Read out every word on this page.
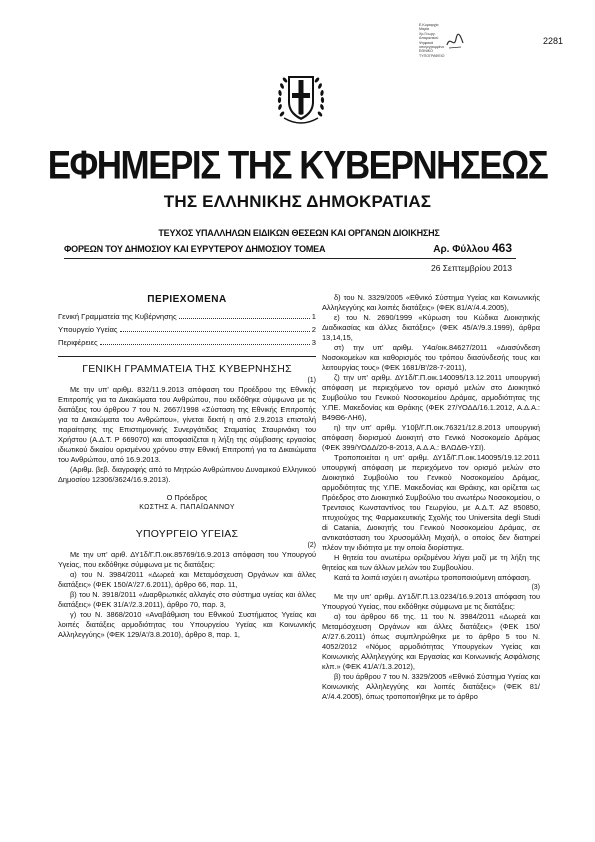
Ε.Κυριαρχία
Μαρία
Χρ.Γεωργ.
Απαμανικού
Ψηφιακά
υπογεγραμμένο
ΕΘΝΙΚΟ
ΤΥΠΟΓΡΑΦΕΙΟ
2281
ΕΦΗΜΕΡΙΣ ΤΗΣ ΚΥΒΕΡΝΗΣΕΩΣ
ΤΗΣ ΕΛΛΗΝΙΚΗΣ ΔΗΜΟΚΡΑΤΙΑΣ
ΤΕΥΧΟΣ ΥΠΑΛΛΗΛΩΝ ΕΙΔΙΚΩΝ ΘΕΣΕΩΝ ΚΑΙ ΟΡΓΑΝΩΝ ΔΙΟΙΚΗΣΗΣ
ΦΟΡΕΩΝ ΤΟΥ ΔΗΜΟΣΙΟΥ ΚΑΙ ΕΥΡΥΤΕΡΟΥ ΔΗΜΟΣΙΟΥ ΤΟΜΕΑ	Αρ. Φύλλου 463
26 Σεπτεμβρίου 2013
ΠΕΡΙΕΧΟΜΕΝΑ
Γενική Γραμματεία της Κυβέρνησης	1
Υπουργείο Υγείας	2
Περιφέρειες	3
ΓΕΝΙΚΗ ΓΡΑΜΜΑΤΕΙΑ ΤΗΣ ΚΥΒΕΡΝΗΣΗΣ
(1)

Με την υπ' αριθμ. 832/11.9.2013 απόφαση του Προέδρου της Εθνικής Επιτροπής για τα Δικαιώματα του Ανθρώπου, που εκδόθηκε σύμφωνα με τις διατάξεις του άρθρου 7 του Ν. 2667/1998 «Σύσταση της Εθνικής Επιτροπής για τα Δικαιώματα του Ανθρώπου», γίνεται δεκτή η από 2.9.2013 επιστολή παραίτησης της Επιστημονικής Συνεργάτιδας Σταματίας Σταυρινάκη του Χρήστου (Α.Δ.Τ. Ρ 669070) και αποφασίζεται η λήξη της σύμβασης εργασίας ιδιωτικού δικαίου ορισμένου χρόνου στην Εθνική Επιτροπή για τα Δικαιώματα του Ανθρώπου, από 16.9.2013.

(Αριθμ. βεβ. διαγραφής από το Μητρώο Ανθρώπινου Δυναμικού Ελληνικού Δημοσίου 12306/3624/16.9.2013).

Ο Πρόεδρος
ΚΩΣΤΗΣ Α. ΠΑΠΑΪΩΑΝΝΟΥ
ΥΠΟΥΡΓΕΙΟ ΥΓΕΙΑΣ
(2)

Με την υπ' αριθ. ΔΥ1δ/Γ.Π.οικ.85769/16.9.2013 απόφαση του Υπουργού Υγείας, που εκδόθηκε σύμφωνα με τις διατάξεις:

α) του Ν. 3984/2011 «Δωρεά και Μεταμόσχευση Οργάνων και άλλες διατάξεις» (ΦΕΚ 150/Α'/27.6.2011), άρθρο 66, παρ. 11,

β) του Ν. 3918/2011 «Διαρθρωτικές αλλαγές στο σύστημα υγείας και άλλες διατάξεις» (ΦΕΚ 31/Α'/2.3.2011), άρθρο 70, παρ. 3,

γ) του Ν. 3868/2010 «Αναβάθμιση του Εθνικού Συστήματος Υγείας και λοιπές διατάξεις αρμοδιότητας του Υπουργείου Υγείας και Κοινωνικής Αλληλεγγύης» (ΦΕΚ 129/Α'/3.8.2010), άρθρο 8, παρ. 1,

δ) του Ν. 3329/2005 «Εθνικό Σύστημα Υγείας και Κοινωνικής Αλληλεγγύης και λοιπές διατάξεις» (ΦΕΚ 81/Α'/4.4.2005),

ε) του Ν. 2690/1999 «Κύρωση του Κώδικα Διοικητικής Διαδικασίας και άλλες διατάξεις» (ΦΕΚ 45/Α'/9.3.1999), άρθρα 13,14,15,

στ) την υπ' αριθμ. Υ4α/οικ.84627/2011 «Διασύνδεση Νοσοκομείων και καθορισμός του τρόπου διασύνδεσής τους και λειτουργίας τους» (ΦΕΚ 1681/Β'/28-7-2011),

ζ) την υπ' αριθμ. ΔΥ1δ/Γ.Π.οικ.140095/13.12.2011 υπουργική απόφαση με περιεχόμενο τον ορισμό μελών στο Διοικητικό Συμβούλιο του Γενικού Νοσοκομείου Δράμας, αρμοδιότητας της Υ.ΠΕ. Μακεδονίας και Θράκης (ΦΕΚ 27/ΥΟΔΔ/16.1.2012, Α.Δ.Α.: Β49Θ6-ΛΗ6),

η) την υπ' αριθμ. Υ10β/Γ.Π.οικ.76321/12.8.2013 υπουργική απόφαση διορισμού Διοικητή στο Γενικό Νοσοκομείο Δράμας (ΦΕΚ 399/ΥΟΔΔ/20-8-2013, Α.Δ.Α.: ΒΛΩΔΘ-ΥΣΙ).

Τροποποιείται η υπ' αριθμ. ΔΥ1δ/Γ.Π.οικ.140095/19.12.2011 υπουργική απόφαση με περιεχόμενο τον ορισμό μελών στο Διοικητικό Συμβούλιο του Γενικού Νοσοκομείου Δράμας, αρμοδιότητας της Υ.ΠΕ. Μακεδονίας και Θράκης, και ορίζεται ως Πρόεδρος στο Διοικητικό Συμβούλιο του ανωτέρω Νοσοκομείου, ο Τρεντσιος Κωνσταντίνος του Γεωργίου, με Α.Δ.Τ. ΑΖ 850850, πτυχιούχος της Φαρμακευτικής Σχολής του Universita degli Studi di Catania, Διοικητής του Γενικού Νοσοκομείου Δράμας, σε αντικατάσταση του Χρυσομάλλη Μιχαήλ, ο οποίος δεν διατηρεί πλέον την ιδιότητα με την οποία διορίστηκε.

Η θητεία του ανωτέρω οριζομένου λήγει μαζί με τη λήξη της θητείας και των άλλων μελών του Συμβουλίου.

Κατά τα λοιπά ισχύει η ανωτέρω τροποποιούμενη απόφαση.

(3)

Με την υπ' αριθμ. ΔΥ1δ/Γ.Π.13.0234/16.9.2013 απόφαση του Υπουργού Υγείας, που εκδόθηκε σύμφωνα με τις διατάξεις:

α) του άρθρου 66 της. 11 του Ν. 3984/2011 «Δωρεά και Μεταμόσχευση Οργάνων και άλλες διατάξεις» (ΦΕΚ 150/Α'/27.6.2011) όπως συμπληρώθηκε με το άρθρο 5 του Ν. 4052/2012 «Νόμος αρμοδιότητας Υπουργείων Υγείας και Κοινωνικής Αλληλεγγύης και Εργασίας και Κοινωνικής Ασφάλισης κλπ.» (ΦΕΚ 41/Α'/1.3.2012),

β) του άρθρου 7 του Ν. 3329/2005 «Εθνικό Σύστημα Υγείας και Κοινωνικής Αλληλεγγύης και λοιπές διατάξεις» (ΦΕΚ 81/Α'/4.4.2005), όπως τροποποιήθηκε με το άρθρο
